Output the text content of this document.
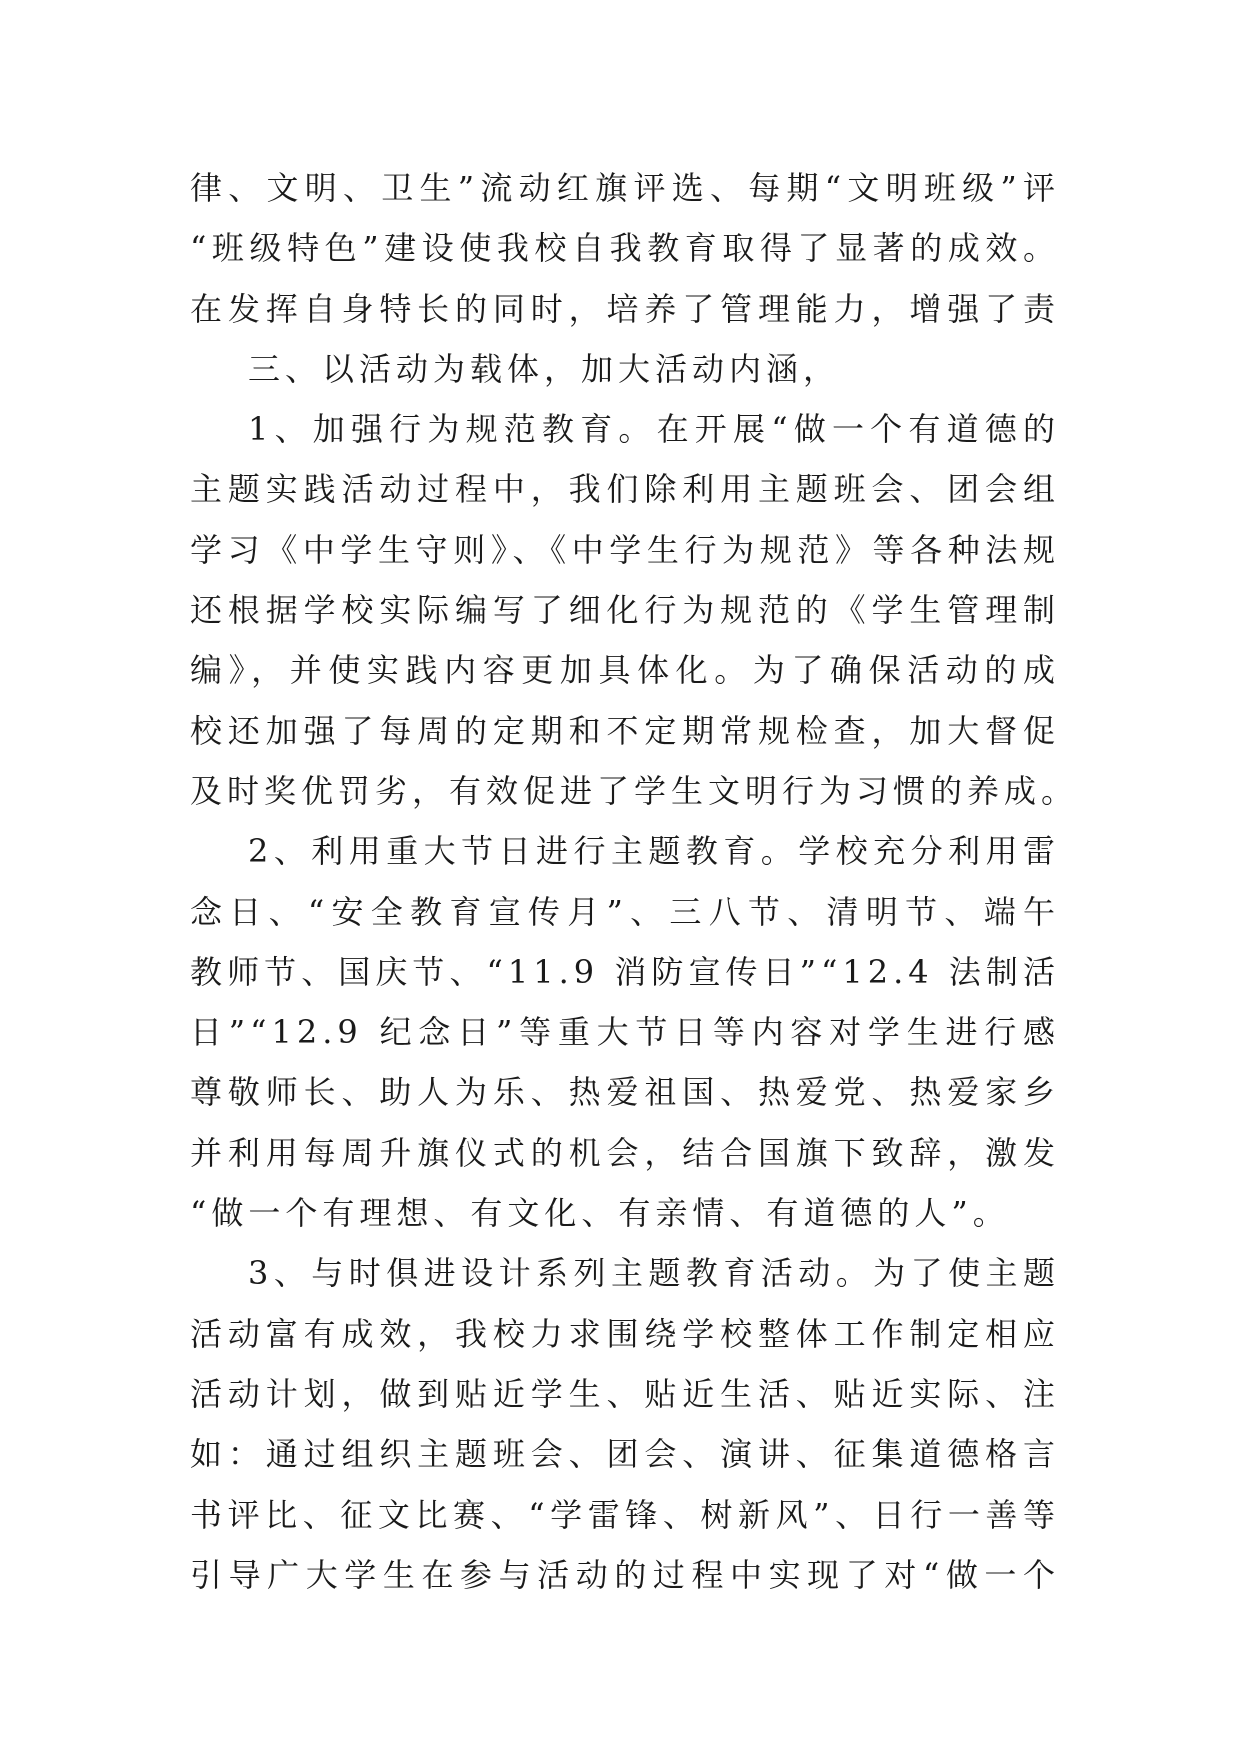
律、文明、卫生”流动红旗评选、每期“文明班级”评
“班级特色”建设使我校自我教育取得了显著的成效。
在发挥自身特长的同时，培养了管理能力，增强了责
三、以活动为载体，加大活动内涵，
1、加强行为规范教育。在开展“做一个有道德的
主题实践活动过程中，我们除利用主题班会、团会组
学习《中学生守则》、《中学生行为规范》等各种法规
还根据学校实际编写了细化行为规范的《学生管理制
编》，并使实践内容更加具体化。为了确保活动的成
校还加强了每周的定期和不定期常规检查，加大督促
及时奖优罚劣，有效促进了学生文明行为习惯的养成。
2、利用重大节日进行主题教育。学校充分利用雷
念日、“安全教育宣传月”、三八节、清明节、端午
教师节、国庆节、“11.9 消防宣传日”“12.4 法制活
日”“12.9 纪念日”等重大节日等内容对学生进行感
尊敬师长、助人为乐、热爱祖国、热爱党、热爱家乡
并利用每周升旗仪式的机会，结合国旗下致辞，激发
“做一个有理想、有文化、有亲情、有道德的人”。
3、与时俱进设计系列主题教育活动。为了使主题
活动富有成效，我校力求围绕学校整体工作制定相应
活动计划，做到贴近学生、贴近生活、贴近实际、注
如：通过组织主题班会、团会、演讲、征集道德格言
书评比、征文比赛、“学雷锋、树新风”、日行一善等
引导广大学生在参与活动的过程中实现了对“做一个
